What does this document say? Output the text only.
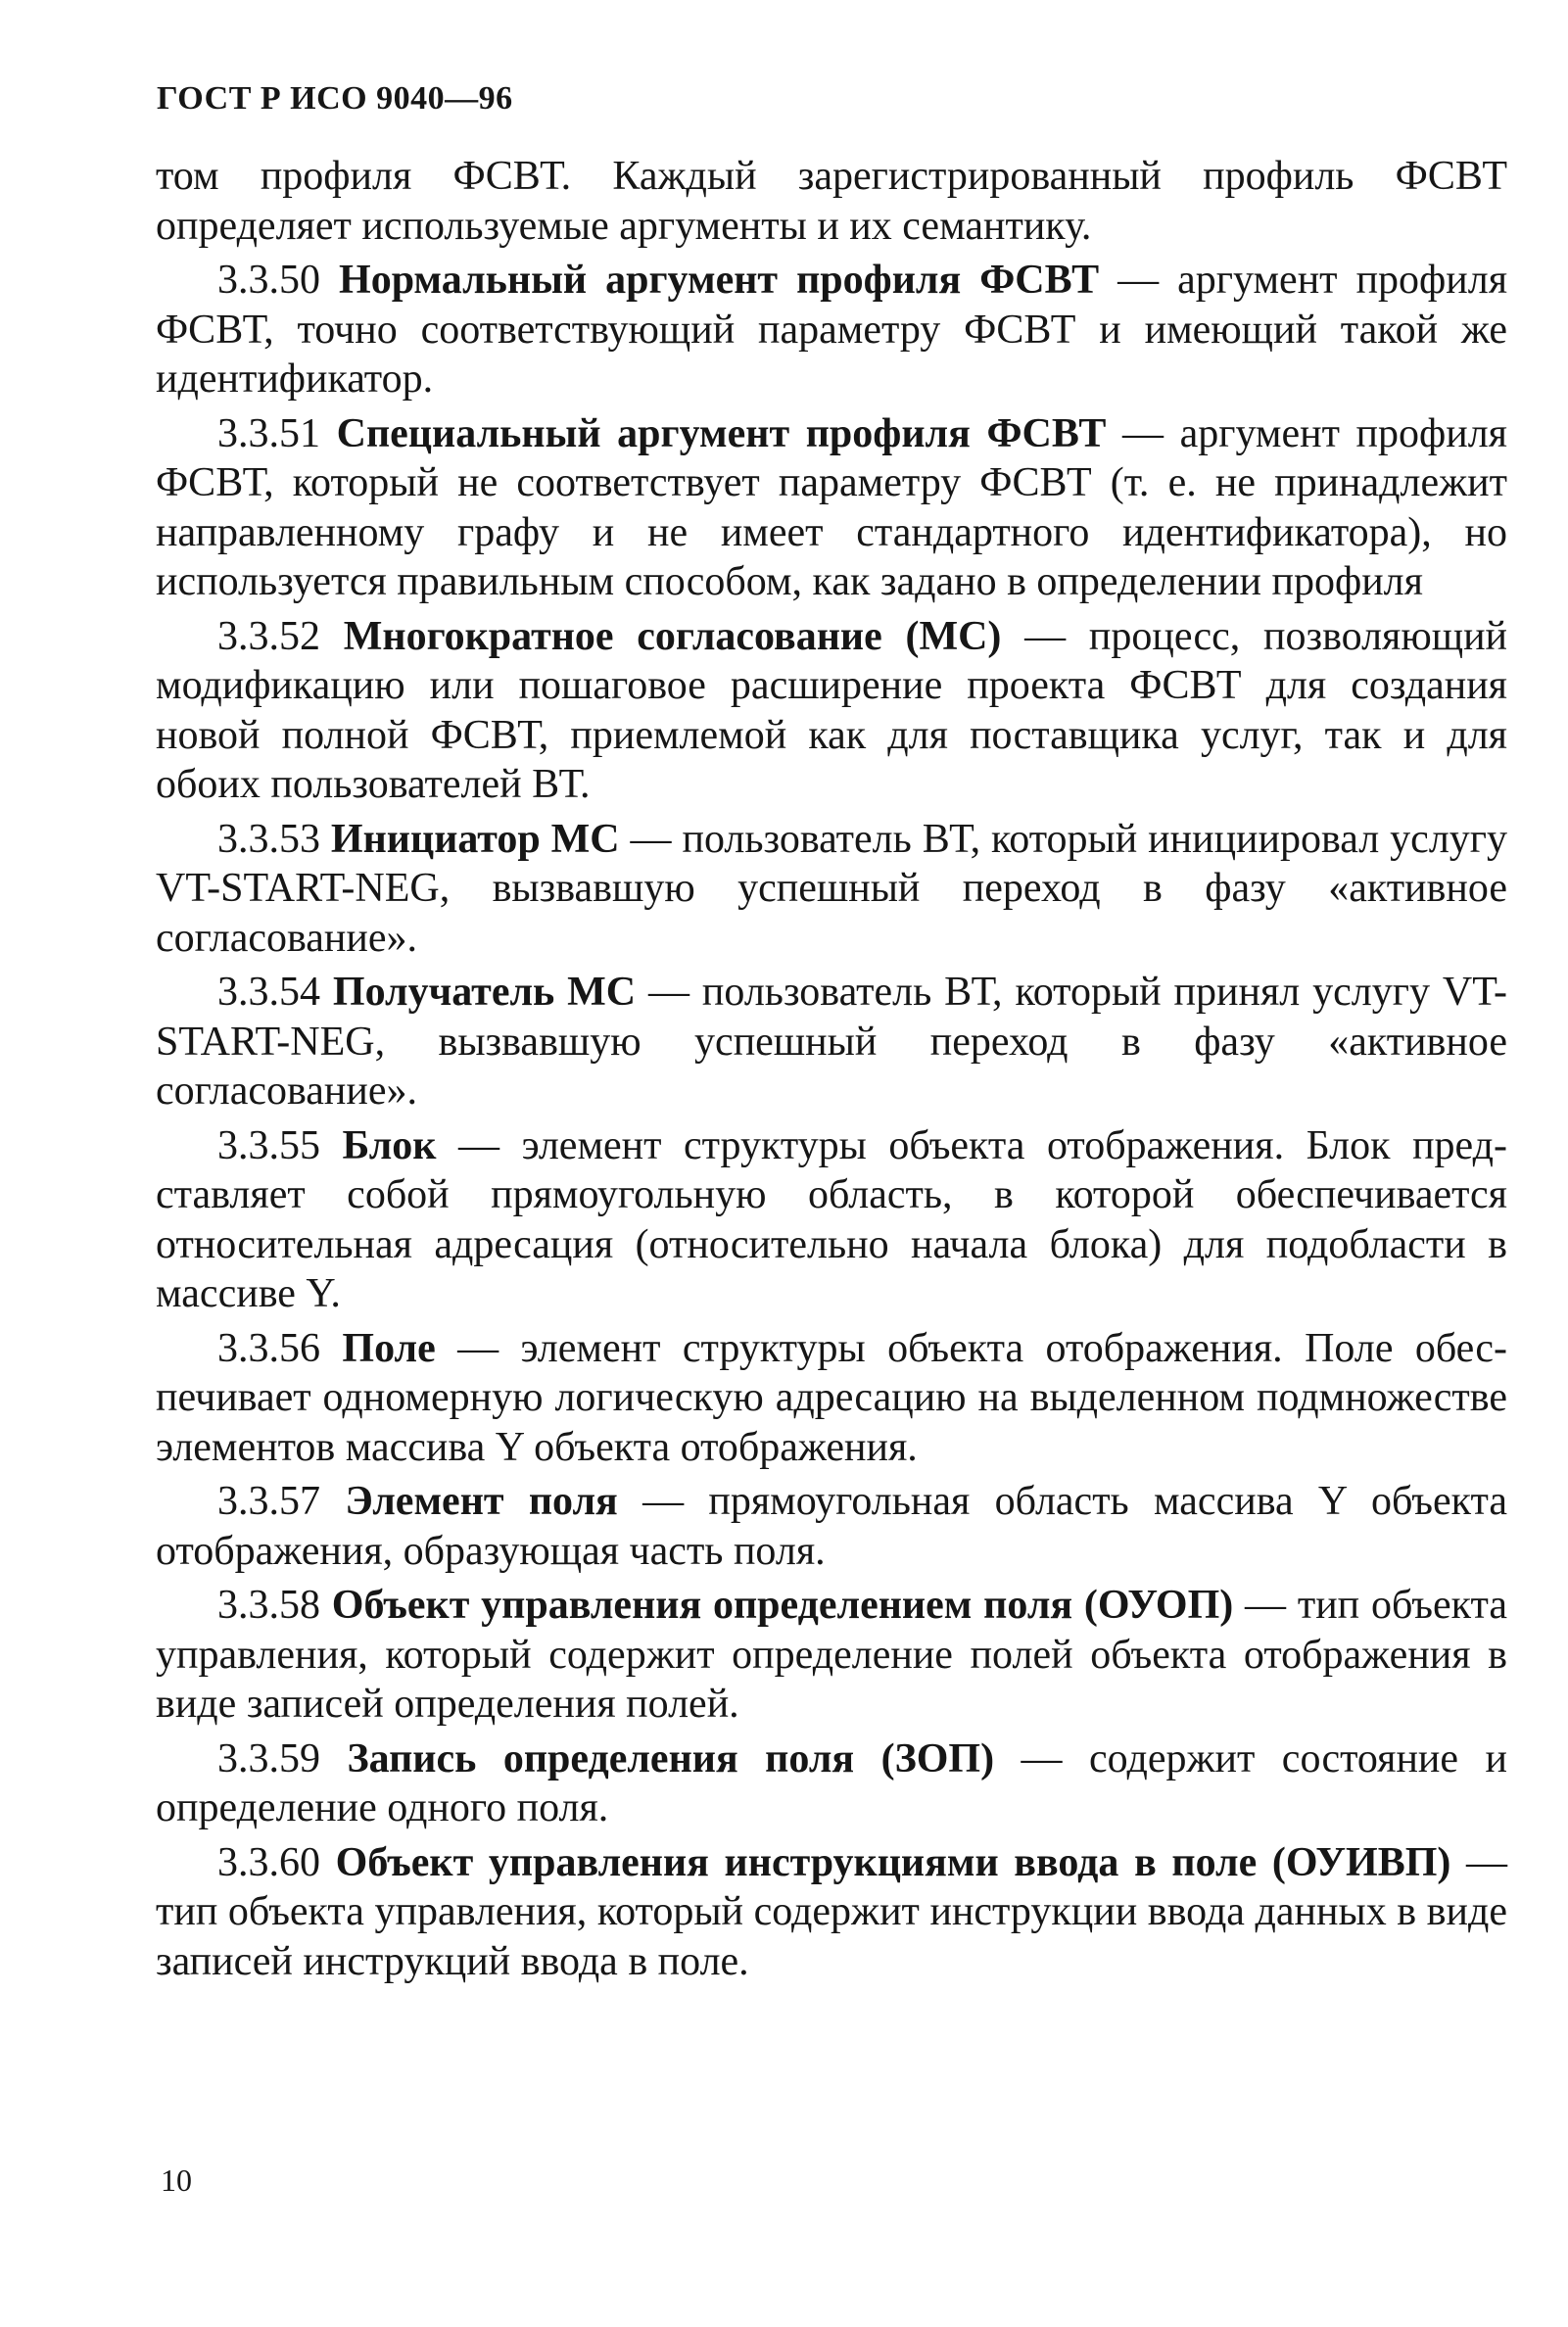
ГОСТ Р ИСО 9040—96

том профиля ФСВТ. Каждый зарегистрированный профиль ФСВТ определяет используемые аргументы и их семантику.

3.3.50 Нормальный аргумент профиля ФСВТ — аргумент профиля ФСВТ, точно соответствующий параметру ФСВТ и имеющий такой же идентификатор.

3.3.51 Специальный аргумент профиля ФСВТ — аргумент профиля ФСВТ, который не соответствует параметру ФСВТ (т. е. не принадлежит направленному графу и не имеет стандартного идентификатора), но используется правильным способом, как задано в определении профиля

3.3.52 Многократное согласование (МС) — процесс, позволяющий модификацию или пошаговое расширение проекта ФСВТ для создания новой полной ФСВТ, приемлемой как для поставщика услуг, так и для обоих пользователей ВТ.

3.3.53 Инициатор МС — пользователь ВТ, который инициировал услугу VT-START-NEG, вызвавшую успешный переход в фазу «активное согласование».

3.3.54 Получатель МС — пользователь ВТ, который принял услугу VT-START-NEG, вызвавшую успешный переход в фазу «активное согласование».

3.3.55 Блок — элемент структуры объекта отображения. Блок представляет собой прямоугольную область, в которой обеспечивается относительная адресация (относительно начала блока) для подобласти в массиве Y.

3.3.56 Поле — элемент структуры объекта отображения. Поле обеспечивает одномерную логическую адресацию на выделенном подмножестве элементов массива Y объекта отображения.

3.3.57 Элемент поля — прямоугольная область массива Y объекта отображения, образующая часть поля.

3.3.58 Объект управления определением поля (ОУОП) — тип объекта управления, который содержит определение полей объекта отображения в виде записей определения полей.

3.3.59 Запись определения поля (ЗОП) — содержит состояние и определение одного поля.

3.3.60 Объект управления инструкциями ввода в поле (ОУИВП) — тип объекта управления, который содержит инструкции ввода данных в виде записей инструкций ввода в поле.

10
